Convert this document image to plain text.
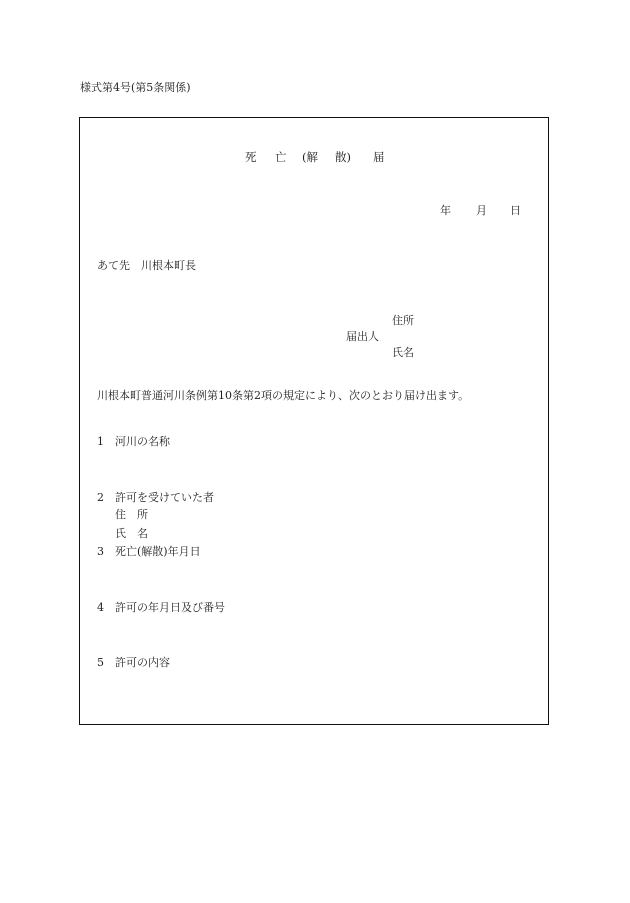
様式第4号(第5条関係)
死 亡 (解 散) 届
年 月 日
あて先　川根本町長
住所
届出人
氏名
川根本町普通河川条例第10条第2項の規定により、次のとおり届け出ます。
1 河川の名称
2 許可を受けていた者
住　所
氏　名
3 死亡(解散)年月日
4 許可の年月日及び番号
5 許可の内容
